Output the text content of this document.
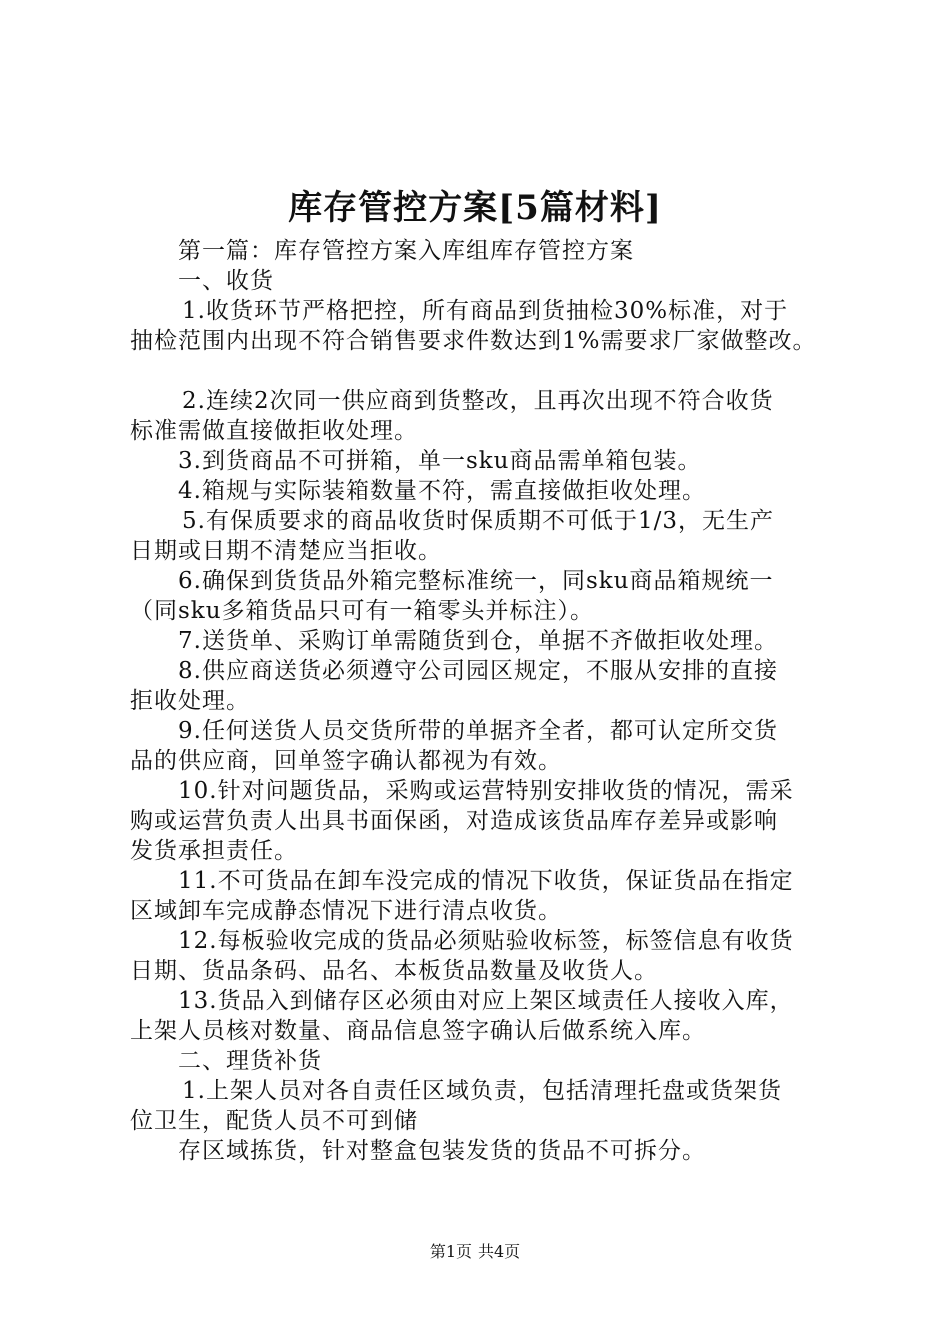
库存管控方案[5篇材料]
第一篇：库存管控方案入库组库存管控方案
一、收货
1.收货环节严格把控，所有商品到货抽检30%标准，对于
抽检范围内出现不符合销售要求件数达到1%需要求厂家做整改。
2.连续2次同一供应商到货整改，且再次出现不符合收货
标准需做直接做拒收处理。
3.到货商品不可拼箱，单一sku商品需单箱包装。
4.箱规与实际装箱数量不符，需直接做拒收处理。
5.有保质要求的商品收货时保质期不可低于1/3，无生产
日期或日期不清楚应当拒收。
6.确保到货货品外箱完整标准统一，同sku商品箱规统一
（同sku多箱货品只可有一箱零头并标注）。
7.送货单、采购订单需随货到仓，单据不齐做拒收处理。
8.供应商送货必须遵守公司园区规定，不服从安排的直接
拒收处理。
9.任何送货人员交货所带的单据齐全者，都可认定所交货
品的供应商，回单签字确认都视为有效。
10.针对问题货品，采购或运营特别安排收货的情况，需采
购或运营负责人出具书面保函，对造成该货品库存差异或影响
发货承担责任。
11.不可货品在卸车没完成的情况下收货，保证货品在指定
区域卸车完成静态情况下进行清点收货。
12.每板验收完成的货品必须贴验收标签，标签信息有收货
日期、货品条码、品名、本板货品数量及收货人。
13.货品入到储存区必须由对应上架区域责任人接收入库，
上架人员核对数量、商品信息签字确认后做系统入库。
二、理货补货
1.上架人员对各自责任区域负责，包括清理托盘或货架货
位卫生，配货人员不可到储
存区域拣货，针对整盒包装发货的货品不可拆分。
第1页 共4页
